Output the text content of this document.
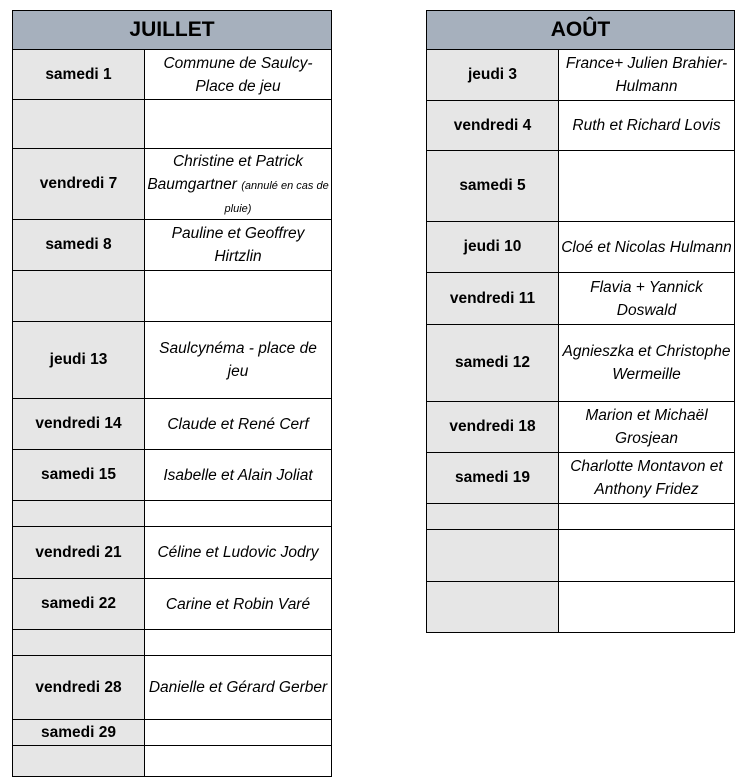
JUILLET	
samedi 1	Commune de Saulcy-Place de jeu

vendredi 7	Christine et Patrick Baumgartner (annulé en cas de pluie)
samedi 8	Pauline et Geoffrey Hirtzlin

jeudi 13	Saulcynéma - place de jeu
vendredi 14	Claude et René Cerf
samedi 15	Isabelle et Alain Joliat

vendredi 21	Céline et Ludovic Jodry
samedi 22	Carine et Robin Varé

vendredi 28	Danielle et Gérard Gerber
samedi 29	

AOÛT	
jeudi 3	France+ Julien Brahier-Hulmann
vendredi 4	Ruth et Richard Lovis
samedi 5	
jeudi 10	Cloé et Nicolas Hulmann
vendredi 11	Flavia + Yannick Doswald
samedi 12	Agnieszka et Christophe Wermeille
vendredi 18	Marion et Michaël Grosjean
samedi 19	Charlotte Montavon et Anthony Fridez
